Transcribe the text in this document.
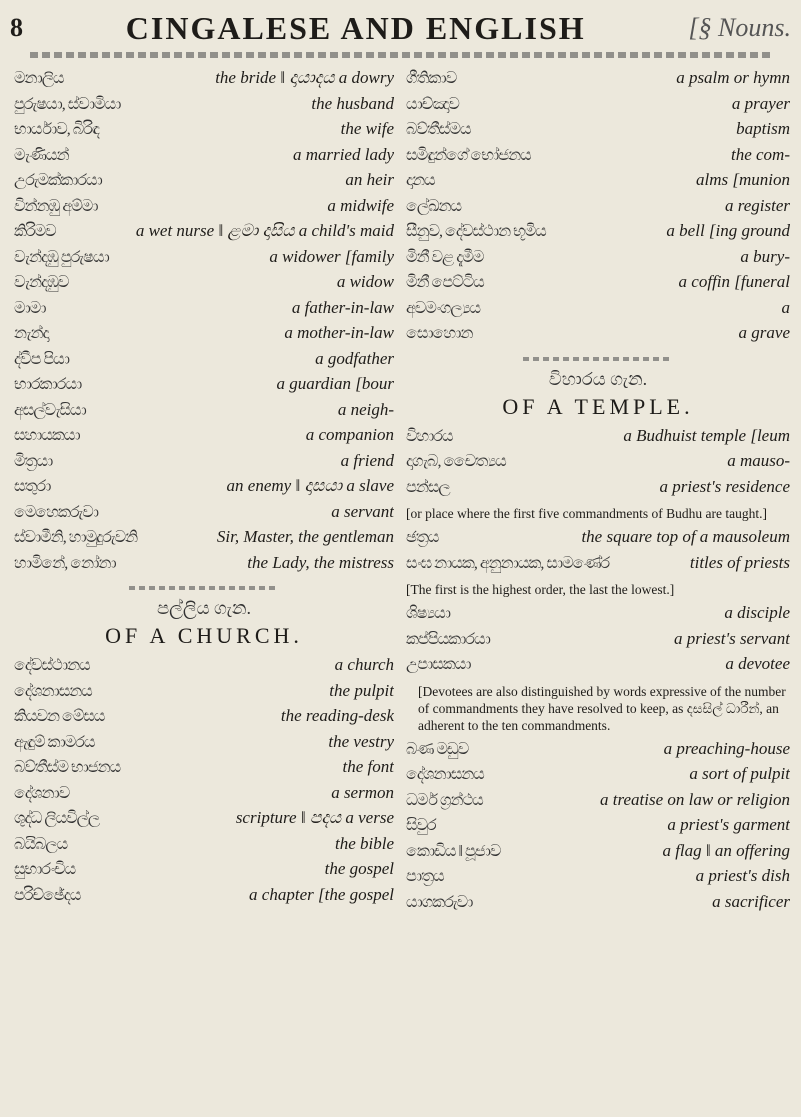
8	CINGALESE AND ENGLISH	[§ Nouns.
මනාලිය	the bride ‖ දායාදය a dowry
පුරුෂයා, ස්වාමියා	the husband
භාර්යාව, බිරිඳ	the wife
මැණියන්	a married lady
උරුමක්කාරයා	an heir
වින්නඹු අම්මා	a midwife
කිරිමව	a wet nurse ‖ ළමා දාසිය a child's maid
වැන්දඹු පුරුෂයා	a widower [family
වැන්දඹුව	a widow
මාමා	a father-in-law
නැන්දා	a mother-in-law
ද්වීප පියා	a godfather
භාරකාරයා	a guardian [bour
අසල්වැසියා	a neigh-
සහායකයා	a companion
මිත්‍රයා	a friend
සතුරා	an enemy ‖ දාසයා a slave
මෙහෙකරුවා	a servant
ස්වාමීනි, හාමුදුරුවනි	Sir, Master, the gentleman
හාමිනේ, නෝනා	the Lady, the mistress
පල්ලිය ගැන.
OF A CHURCH.
දේවස්ථානය	a church
දේශනාසනය	the pulpit
කියවන මේසය	the reading-desk
ඇඳුම් කාමරය	the vestry
බව්තීස්ම භාජනය	the font
දේශනාව	a sermon
ශුද්ධ ලියවිල්ල	scripture ‖ පදය a verse
බයිබලය	the bible
සුභාරංචිය	the gospel
පරිච්ඡේදය	a chapter [the gospel
ගීතිකාව	a psalm or hymn
යාච්ඤාව	a prayer
බව්තීස්මය	baptism
සමිඳුන්ගේ භෝජනය	the com-
දානය	alms [munion
ලේඛනය	a register
සීනුව, දේවස්ථාන භූමිය	a bell [ing ground
මිනී වළ දැමීම	a bury-
මිනී පෙට්ටිය	a coffin [funeral
අවමංගල්‍යය	a
සොහොන	a grave
විහාරය ගැන.
OF A TEMPLE.
විහාරය	a Budhuist temple [leum
දාගැබ, චෛත්‍යය	a mauso-
පන්සල	a priest's residence
[or place where the first five commandments of Budhu are taught.]
ඡත්‍රය	the square top of a mausoleum
සංඝ නායක, අනුනායක, සාමණේර	titles of priests
[The first is the highest order, the last the lowest.]
ශිෂ්‍යයා	a disciple
කප්පියකාරයා	a priest's servant
උපාසකයා	a devotee
[Devotees are also distinguished by words expressive of the number of commandments they have resolved to keep, as දසසිල් ධාරීන්, an adherent to the ten commandments.
බණ මඩුව	a preaching-house
දේශනාසනය	a sort of pulpit
ධර්ම ග්‍රන්ථය	a treatise on law or religion
සිවුර	a priest's garment
කොඩිය ‖ පූජාව	a flag ‖ an offering
පාත්‍රය	a priest's dish
යාගකරුවා	a sacrificer
